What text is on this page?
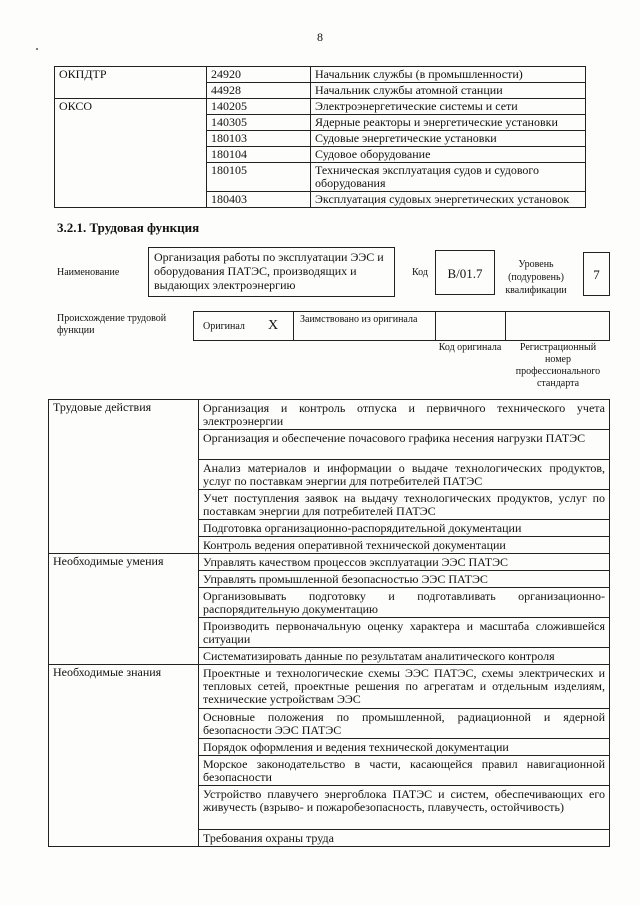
8
ОКПДТР	24920	Начальник службы (в промышленности)
	44928	Начальник службы атомной станции
ОКСО	140205	Электроэнергетические системы и сети
	140305	Ядерные реакторы и энергетические установки
	180103	Судовые энергетические установки
	180104	Судовое оборудование
	180105	Техническая эксплуатация судов и судового оборудования
	180403	Эксплуатация судовых энергетических установок
3.2.1. Трудовая функция
Наименование
Организация работы по эксплуатации ЭЭС и оборудования ПАТЭС, производящих и выдающих электроэнергию
Код	B/01.7
Уровень (подуровень) квалификации
7
Происхождение трудовой функции	Оригинал X Заимствовано из оригинала
Код оригинала	Регистрационный номер профессионального стандарта
Трудовые действия	Организация и контроль отпуска и первичного технического учета электроэнергии
	Организация и обеспечение почасового графика несения нагрузки ПАТЭС
	Анализ материалов и информации о выдаче технологических продуктов, услуг по поставкам энергии для потребителей ПАТЭС
	Учет поступления заявок на выдачу технологических продуктов, услуг по поставкам энергии для потребителей ПАТЭС
	Подготовка организационно-распорядительной документации
	Контроль ведения оперативной технической документации
Необходимые умения	Управлять качеством процессов эксплуатации ЭЭС ПАТЭС
	Управлять промышленной безопасностью ЭЭС ПАТЭС
	Организовывать подготовку и подготавливать организационно-распорядительную документацию
	Производить первоначальную оценку характера и масштаба сложившейся ситуации
	Систематизировать данные по результатам аналитического контроля
Необходимые знания	Проектные и технологические схемы ЭЭС ПАТЭС, схемы электрических и тепловых сетей, проектные решения по агрегатам и отдельным изделиям, технические устройствам ЭЭС
	Основные положения по промышленной, радиационной и ядерной безопасности ЭЭС ПАТЭС
	Порядок оформления и ведения технической документации
	Морское законодательство в части, касающейся правил навигационной безопасности
	Устройство плавучего энергоблока ПАТЭС и систем, обеспечивающих его живучесть (взрыво- и пожаробезопасность, плавучесть, остойчивость)
	Требования охраны труда
